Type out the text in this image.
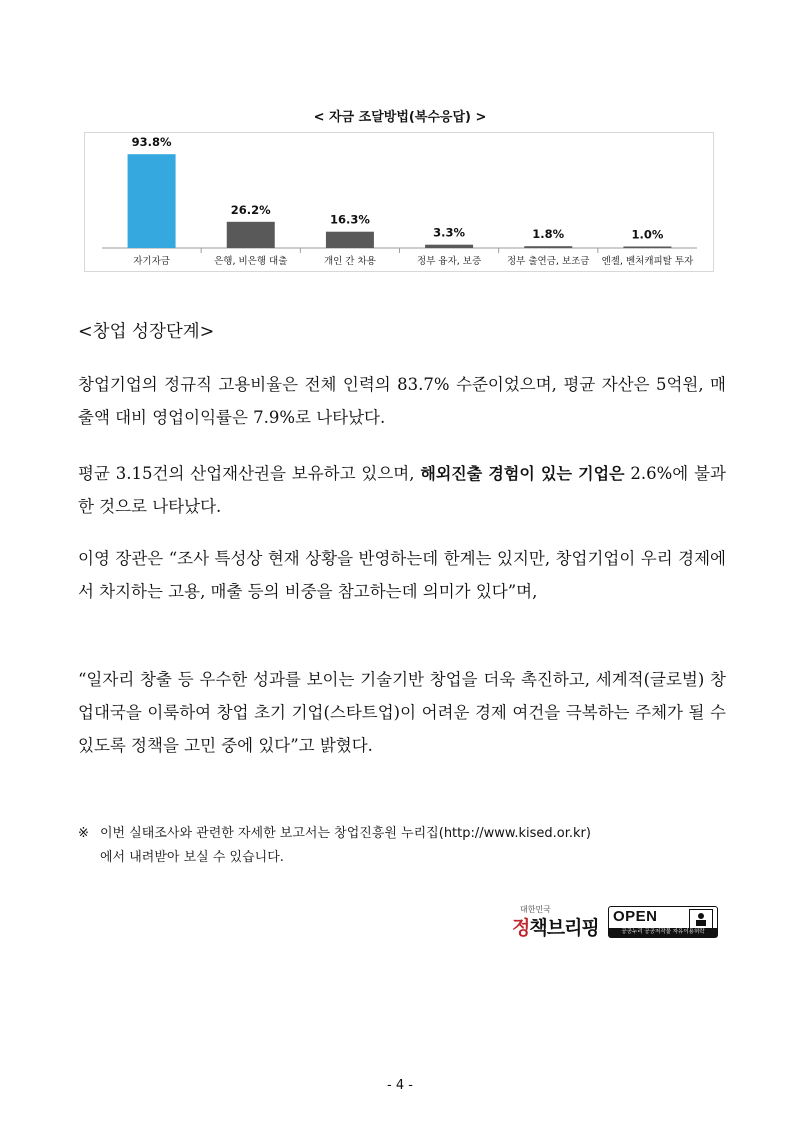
< 자금 조달방법(복수응답) >
93.8%
자기자금
26.2%
은행, 비은행 대출
16.3%
개인 간 차용
3.3%
정부 융자, 보증
1.8%
정부 출연금, 보조금
1.0%
엔젤, 벤처캐피탈 투자
<창업 성장단계>
창업기업의 정규직 고용비율은 전체 인력의 83.7% 수준이었으며, 평균 자산은 5억원, 매출액 대비 영업이익률은 7.9%로 나타났다.
평균 3.15건의 산업재산권을 보유하고 있으며, 해외진출 경험이 있는 기업은 2.6%에 불과한 것으로 나타났다.
이영 장관은 “조사 특성상 현재 상황을 반영하는데 한계는 있지만, 창업기업이 우리 경제에서 차지하는 고용, 매출 등의 비중을 참고하는데 의미가 있다”며,
“일자리 창출 등 우수한 성과를 보이는 기술기반 창업을 더욱 촉진하고, 세계적(글로벌) 창업대국을 이룩하여 창업 초기 기업(스타트업)이 어려운 경제 여건을 극복하는 주체가 될 수 있도록 정책을 고민 중에 있다”고 밝혔다.
※ 이번 실태조사와 관련한 자세한 보고서는 창업진흥원 누리집(http://www.kised.or.kr)
에서 내려받아 보실 수 있습니다.
대한민국
정책브리핑
OPEN
공공누리 공공저작물 자유이용허락
- 4 -
